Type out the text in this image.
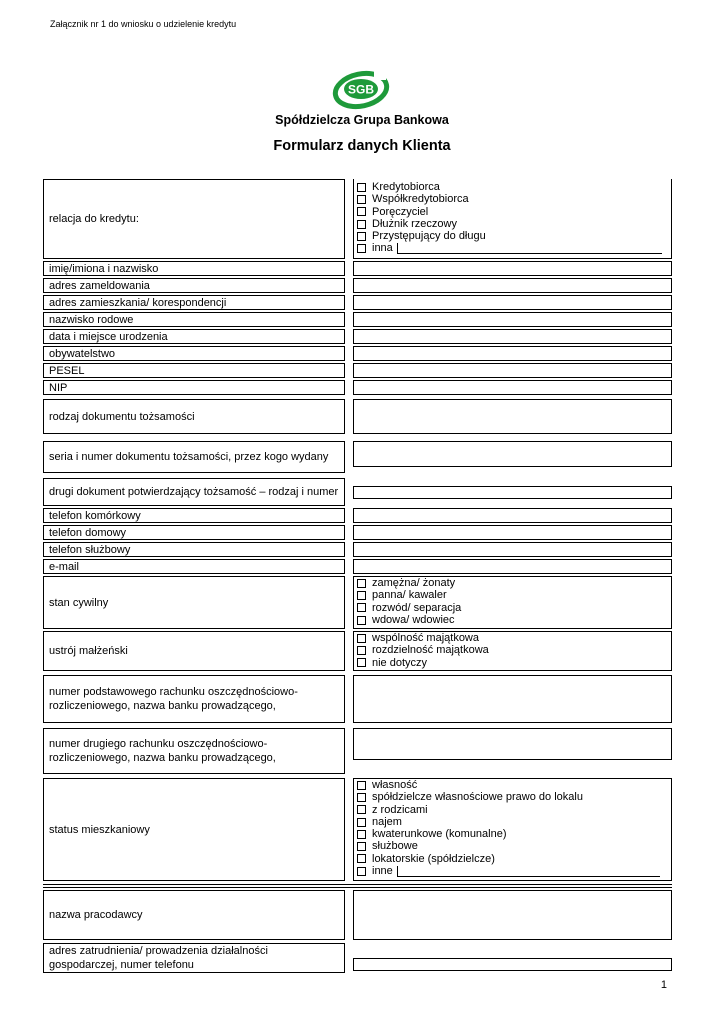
Załącznik nr 1 do wniosku o udzielenie kredytu
SGB
Spółdzielcza Grupa Bankowa
Formularz danych Klienta
relacja do kredytu:
Kredytobiorca
Współkredytobiorca
Poręczyciel
Dłużnik rzeczowy
Przystępujący do długu
inna
imię/imiona i nazwisko
adres zameldowania
adres zamieszkania/ korespondencji
nazwisko rodowe
data i miejsce urodzenia
obywatelstwo
PESEL
NIP
rodzaj dokumentu tożsamości
seria i numer dokumentu tożsamości, przez kogo wydany
drugi dokument potwierdzający tożsamość – rodzaj i numer
telefon komórkowy
telefon domowy
telefon służbowy
e-mail
stan cywilny
zamężna/ żonaty
panna/ kawaler
rozwód/ separacja
wdowa/ wdowiec
ustrój małżeński
wspólność majątkowa
rozdzielność majątkowa
nie dotyczy
numer podstawowego rachunku oszczędnościowo-rozliczeniowego, nazwa banku prowadzącego,
numer drugiego rachunku oszczędnościowo-rozliczeniowego, nazwa banku prowadzącego,
status mieszkaniowy
własność
spółdzielcze własnościowe prawo do lokalu
z rodzicami
najem
kwaterunkowe (komunalne)
służbowe
lokatorskie (spółdzielcze)
inne
nazwa pracodawcy
adres zatrudnienia/ prowadzenia działalności gospodarczej, numer telefonu
1
